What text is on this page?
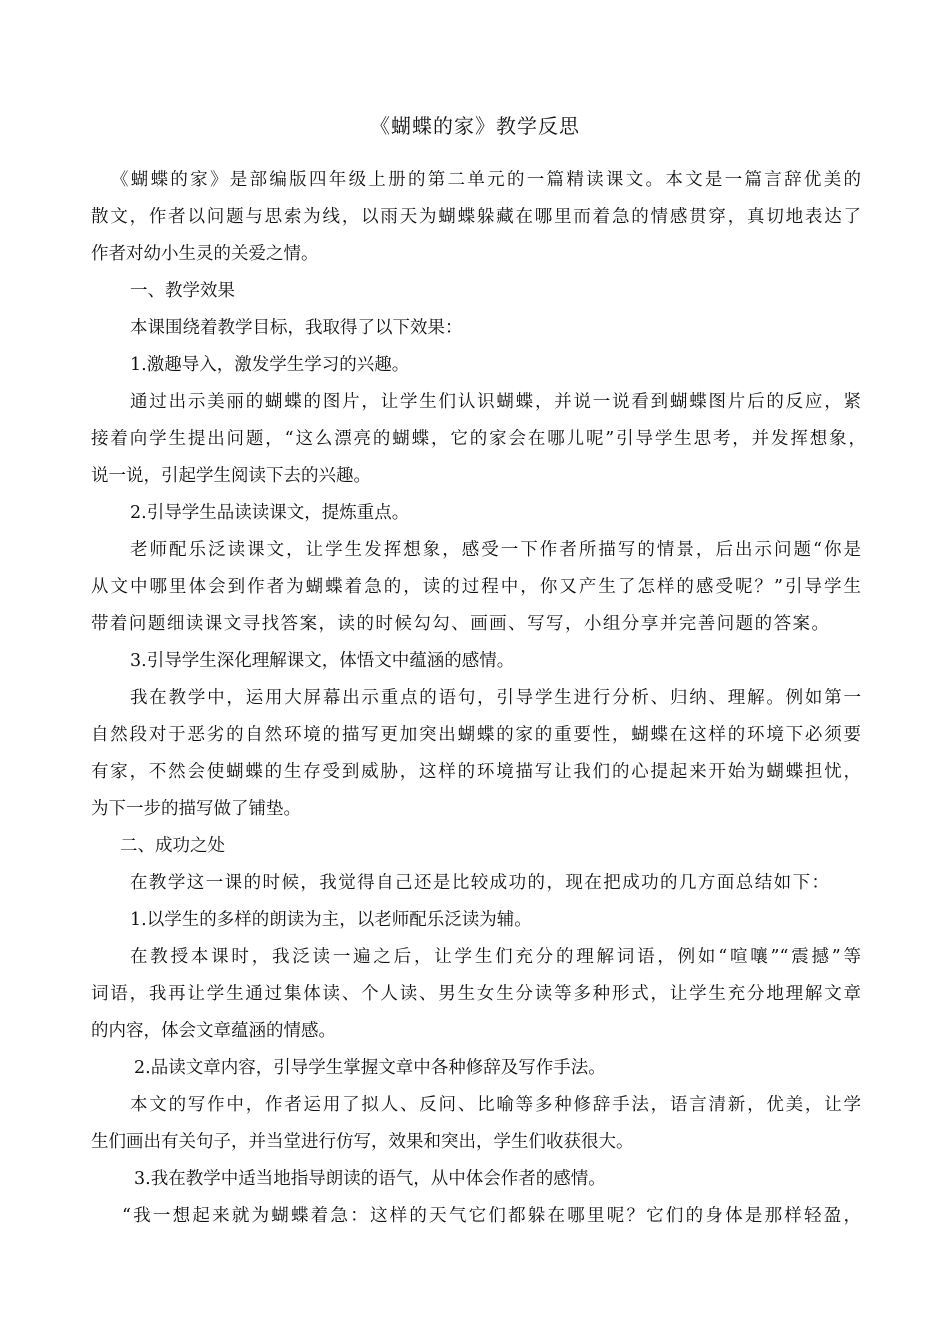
《蝴蝶的家》教学反思
《蝴蝶的家》是部编版四年级上册的第二单元的一篇精读课文。本文是一篇言辞优美的
散文，作者以问题与思索为线，以雨天为蝴蝶躲藏在哪里而着急的情感贯穿，真切地表达了
作者对幼小生灵的关爱之情。
一、教学效果
本课围绕着教学目标，我取得了以下效果：
1.激趣导入，激发学生学习的兴趣。
通过出示美丽的蝴蝶的图片，让学生们认识蝴蝶，并说一说看到蝴蝶图片后的反应，紧
接着向学生提出问题，“这么漂亮的蝴蝶，它的家会在哪儿呢”引导学生思考，并发挥想象，
说一说，引起学生阅读下去的兴趣。
2.引导学生品读读课文，提炼重点。
老师配乐泛读课文，让学生发挥想象，感受一下作者所描写的情景，后出示问题“你是
从文中哪里体会到作者为蝴蝶着急的，读的过程中，你又产生了怎样的感受呢？”引导学生
带着问题细读课文寻找答案，读的时候勾勾、画画、写写，小组分享并完善问题的答案。
3.引导学生深化理解课文，体悟文中蕴涵的感情。
我在教学中，运用大屏幕出示重点的语句，引导学生进行分析、归纳、理解。例如第一
自然段对于恶劣的自然环境的描写更加突出蝴蝶的家的重要性，蝴蝶在这样的环境下必须要
有家，不然会使蝴蝶的生存受到威胁，这样的环境描写让我们的心提起来开始为蝴蝶担忧，
为下一步的描写做了铺垫。
二、成功之处
在教学这一课的时候，我觉得自己还是比较成功的，现在把成功的几方面总结如下：
1.以学生的多样的朗读为主，以老师配乐泛读为辅。
在教授本课时，我泛读一遍之后，让学生们充分的理解词语，例如“喧嚷”“震撼”等
词语，我再让学生通过集体读、个人读、男生女生分读等多种形式，让学生充分地理解文章
的内容，体会文章蕴涵的情感。
2.品读文章内容，引导学生掌握文章中各种修辞及写作手法。
本文的写作中，作者运用了拟人、反问、比喻等多种修辞手法，语言清新，优美，让学
生们画出有关句子，并当堂进行仿写，效果和突出，学生们收获很大。
3.我在教学中适当地指导朗读的语气，从中体会作者的感情。
“我一想起来就为蝴蝶着急：这样的天气它们都躲在哪里呢？它们的身体是那样轻盈，
